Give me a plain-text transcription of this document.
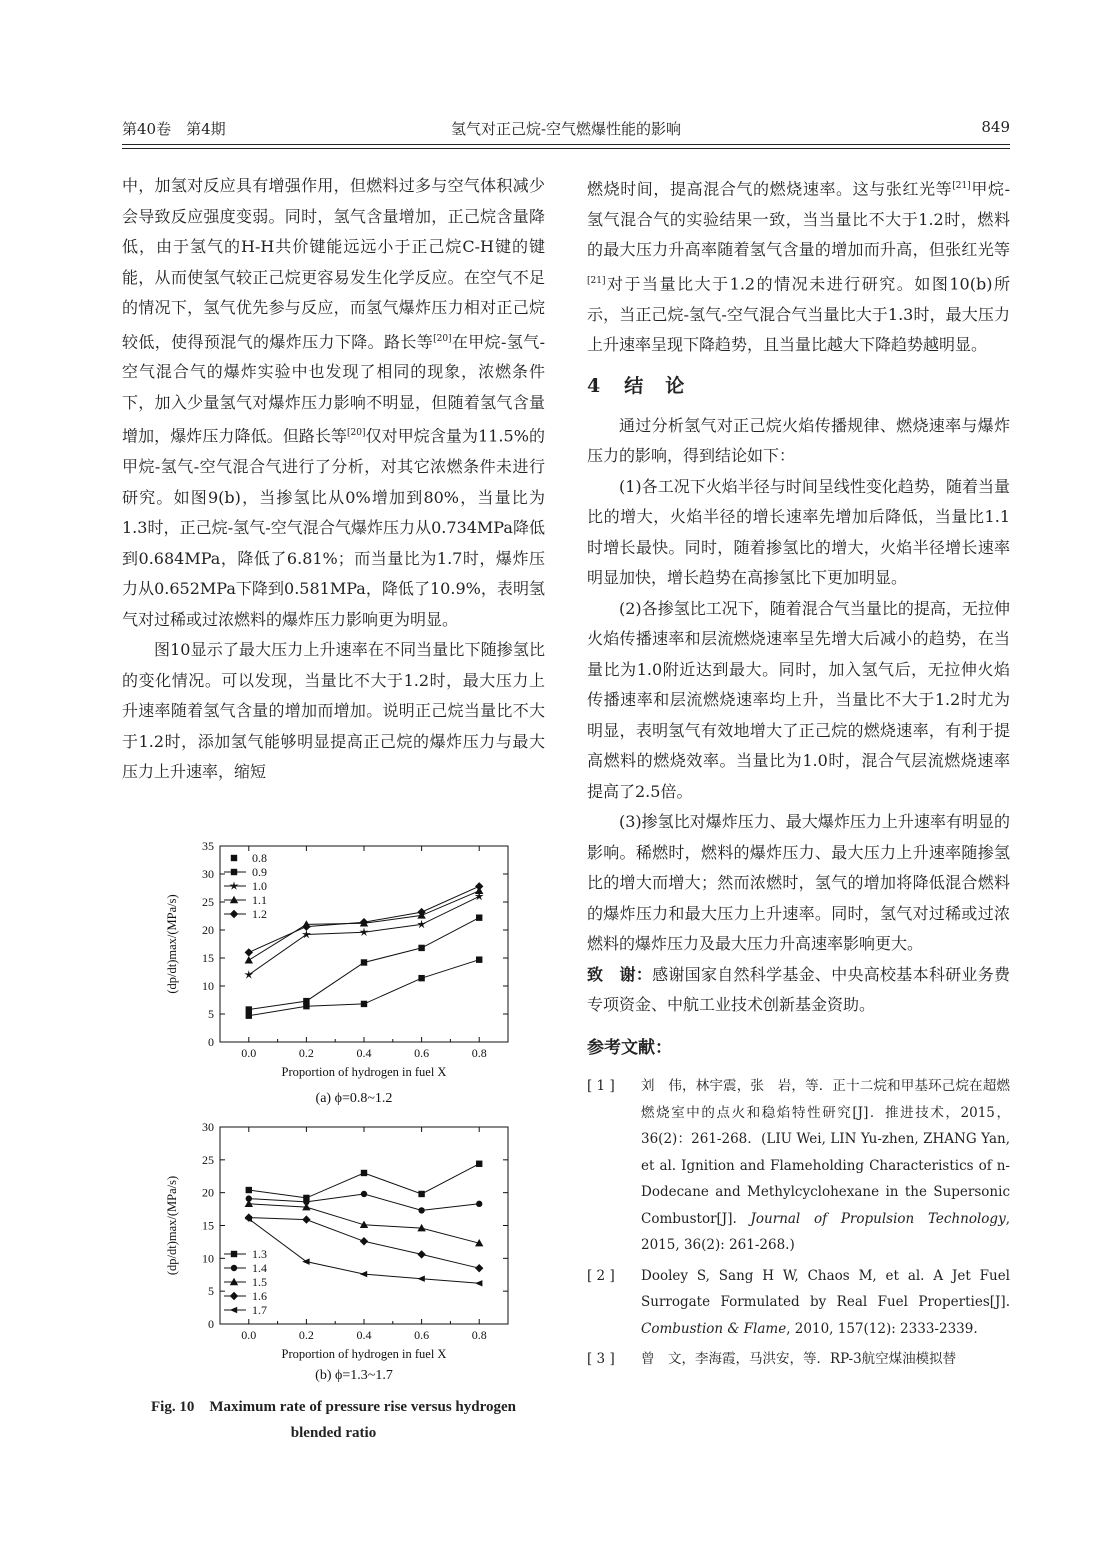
第40卷　第4期	氢气对正己烷-空气燃爆性能的影响	849

中，加氢对反应具有增强作用，但燃料过多与空气体积减少会导致反应强度变弱。同时，氢气含量增加，正己烷含量降低，由于氢气的H-H共价键能远远小于正己烷C-H键的键能，从而使氢气较正己烷更容易发生化学反应。在空气不足的情况下，氢气优先参与反应，而氢气爆炸压力相对正己烷较低，使得预混气的爆炸压力下降。路长等[20]在甲烷-氢气-空气混合气的爆炸实验中也发现了相同的现象，浓燃条件下，加入少量氢气对爆炸压力影响不明显，但随着氢气含量增加，爆炸压力降低。但路长等[20]仅对甲烷含量为11.5%的甲烷-氢气-空气混合气进行了分析，对其它浓燃条件未进行研究。如图9(b)，当掺氢比从0%增加到80%，当量比为1.3时，正己烷-氢气-空气混合气爆炸压力从0.734MPa降低到0.684MPa，降低了6.81%；而当量比为1.7时，爆炸压力从0.652MPa下降到0.581MPa，降低了10.9%，表明氢气对过稀或过浓燃料的爆炸压力影响更为明显。

图10显示了最大压力上升速率在不同当量比下随掺氢比的变化情况。可以发现，当量比不大于1.2时，最大压力上升速率随着氢气含量的增加而增加。说明正己烷当量比不大于1.2时，添加氢气能够明显提高正己烷的爆炸压力与最大压力上升速率，缩短

0
5
10
15
20
25
30
35
0.0	0.2	0.4	0.6	0.8
Proportion of hydrogen in fuel X
(dp/dt)max/(MPa/s)
(a) ϕ=0.8~1.2
0.8
0.9
1.0
1.1
1.2
0
5
10
15
20
25
30
0.0	0.2	0.4	0.6	0.8
Proportion of hydrogen in fuel X
(dp/dt)max/(MPa/s)
(b) ϕ=1.3~1.7
1.3
1.4
1.5
1.6
1.7
Fig. 10　Maximum rate of pressure rise versus hydrogen
blended ratio

燃烧时间，提高混合气的燃烧速率。这与张红光等[21]甲烷-氢气混合气的实验结果一致，当当量比不大于1.2时，燃料的最大压力升高率随着氢气含量的增加而升高，但张红光等[21]对于当量比大于1.2的情况未进行研究。如图10(b)所示，当正己烷-氢气-空气混合气当量比大于1.3时，最大压力上升速率呈现下降趋势，且当量比越大下降趋势越明显。

4 结论

通过分析氢气对正己烷火焰传播规律、燃烧速率与爆炸压力的影响，得到结论如下：

(1)各工况下火焰半径与时间呈线性变化趋势，随着当量比的增大，火焰半径的增长速率先增加后降低，当量比1.1时增长最快。同时，随着掺氢比的增大，火焰半径增长速率明显加快，增长趋势在高掺氢比下更加明显。

(2)各掺氢比工况下，随着混合气当量比的提高，无拉伸火焰传播速率和层流燃烧速率呈先增大后减小的趋势，在当量比为1.0附近达到最大。同时，加入氢气后，无拉伸火焰传播速率和层流燃烧速率均上升，当量比不大于1.2时尤为明显，表明氢气有效地增大了正己烷的燃烧速率，有利于提高燃料的燃烧效率。当量比为1.0时，混合气层流燃烧速率提高了2.5倍。

(3)掺氢比对爆炸压力、最大爆炸压力上升速率有明显的影响。稀燃时，燃料的爆炸压力、最大压力上升速率随掺氢比的增大而增大；然而浓燃时，氢气的增加将降低混合燃料的爆炸压力和最大压力上升速率。同时，氢气对过稀或过浓燃料的爆炸压力及最大压力升高速率影响更大。

致　谢：感谢国家自然科学基金、中央高校基本科研业务费专项资金、中航工业技术创新基金资助。

参考文献：

[ 1 ]	刘　伟，林宇震，张　岩，等．正十二烷和甲基环己烷在超燃燃烧室中的点火和稳焰特性研究[J]．推进技术，2015，36(2)：261-268．(LIU Wei, LIN Yu-zhen, ZHANG Yan, et al. Ignition and Flameholding Characteristics of n-Dodecane and Methylcyclohexane in the Supersonic Combustor[J]. Journal of Propulsion Technology, 2015, 36(2): 261-268.)
[ 2 ]	Dooley S, Sang H W, Chaos M, et al. A Jet Fuel Surrogate Formulated by Real Fuel Properties[J]. Combustion & Flame, 2010, 157(12): 2333-2339.
[ 3 ]	曾　文，李海霞，马洪安，等．RP-3航空煤油模拟替
